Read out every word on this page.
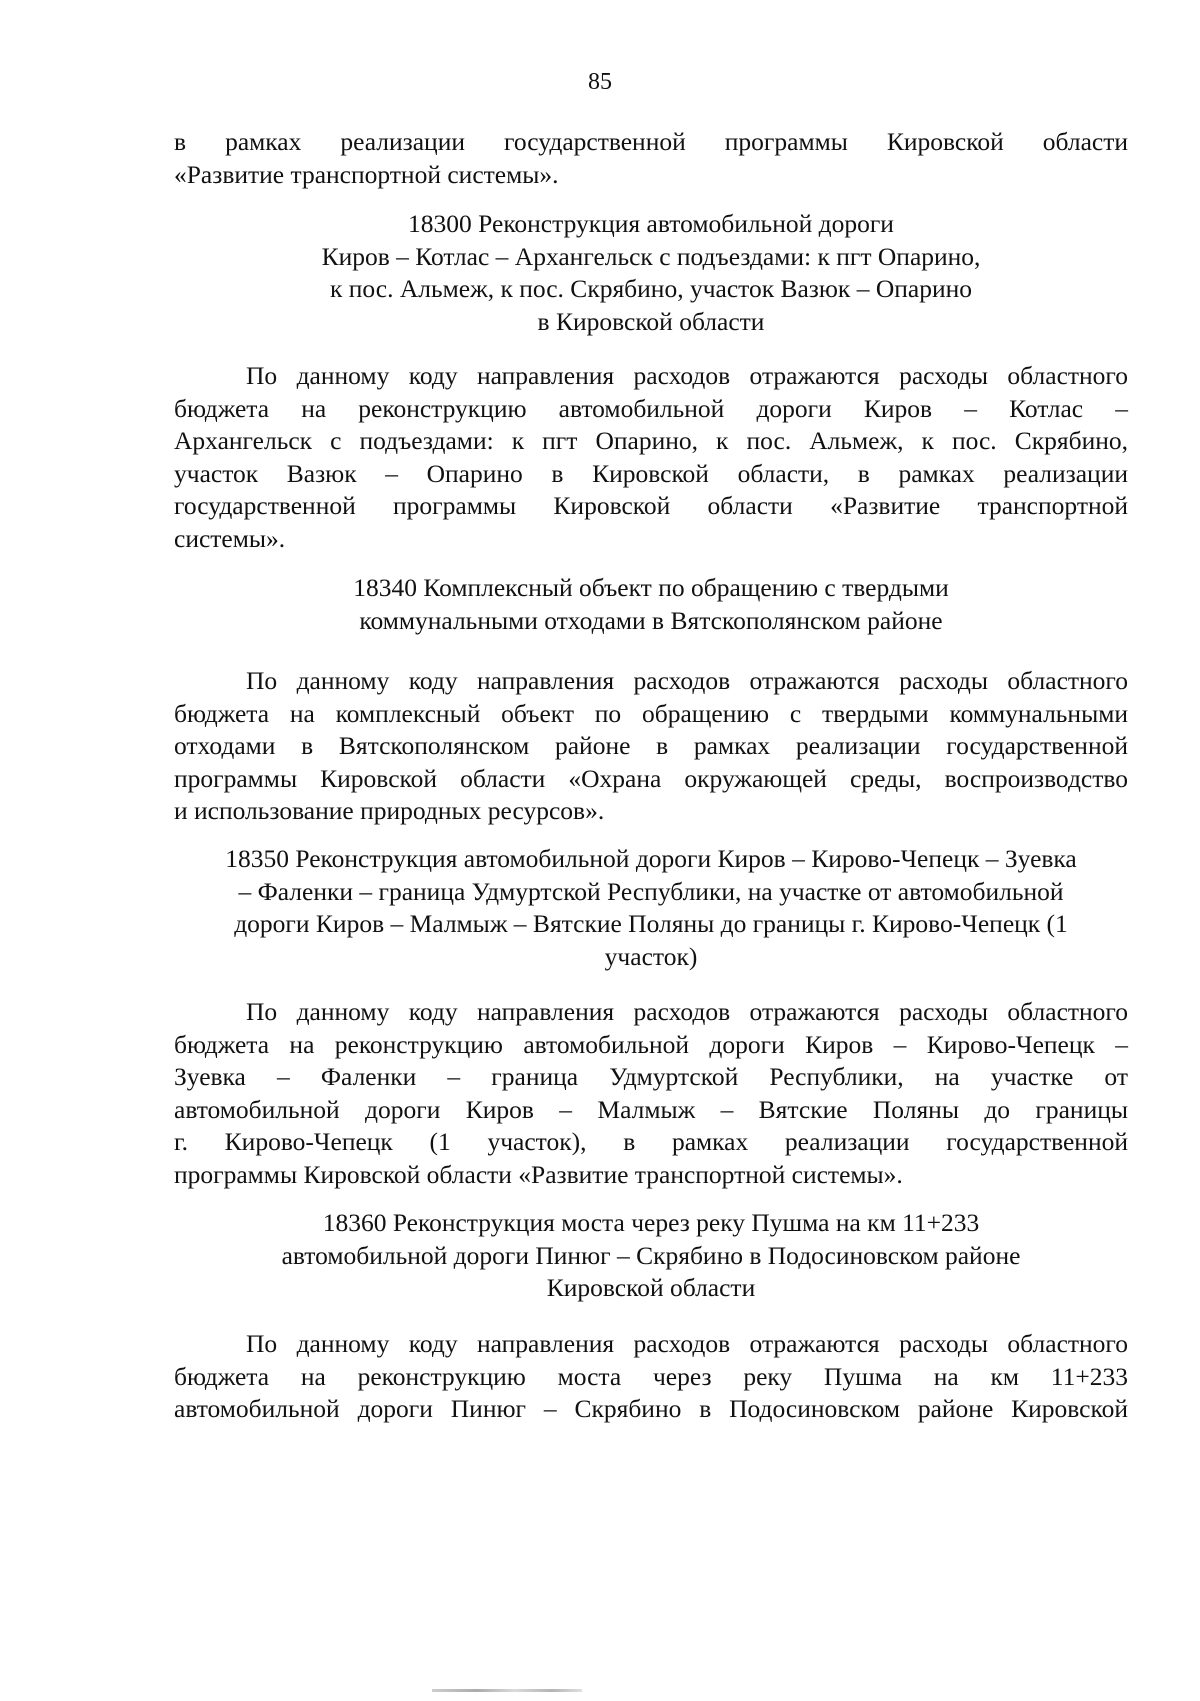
85
в рамках реализации государственной программы Кировской области
«Развитие транспортной системы».
18300 Реконструкция автомобильной дороги
Киров – Котлас – Архангельск с подъездами: к пгт Опарино,
к пос. Альмеж, к пос. Скрябино, участок Вазюк – Опарино
в Кировской области
По данному коду направления расходов отражаются расходы областного
бюджета на реконструкцию автомобильной дороги Киров – Котлас –
Архангельск с подъездами: к пгт Опарино, к пос. Альмеж, к пос. Скрябино,
участок Вазюк – Опарино в Кировской области, в рамках реализации
государственной программы Кировской области «Развитие транспортной
системы».
18340 Комплексный объект по обращению с твердыми
коммунальными отходами в Вятскополянском районе
По данному коду направления расходов отражаются расходы областного
бюджета на комплексный объект по обращению с твердыми коммунальными
отходами в Вятскополянском районе в рамках реализации государственной
программы Кировской области «Охрана окружающей среды, воспроизводство
и использование природных ресурсов».
18350 Реконструкция автомобильной дороги Киров – Кирово-Чепецк – Зуевка
– Фаленки – граница Удмуртской Республики, на участке от автомобильной
дороги Киров – Малмыж – Вятские Поляны до границы г. Кирово-Чепецк (1
участок)
По данному коду направления расходов отражаются расходы областного
бюджета на реконструкцию автомобильной дороги Киров – Кирово-Чепецк –
Зуевка – Фаленки – граница Удмуртской Республики, на участке от
автомобильной дороги Киров – Малмыж – Вятские Поляны до границы
г. Кирово-Чепецк (1 участок), в рамках реализации государственной
программы Кировской области «Развитие транспортной системы».
18360 Реконструкция моста через реку Пушма на км 11+233
автомобильной дороги Пинюг – Скрябино в Подосиновском районе
Кировской области
По данному коду направления расходов отражаются расходы областного
бюджета на реконструкцию моста через реку Пушма на км 11+233
автомобильной дороги Пинюг – Скрябино в Подосиновском районе Кировской
